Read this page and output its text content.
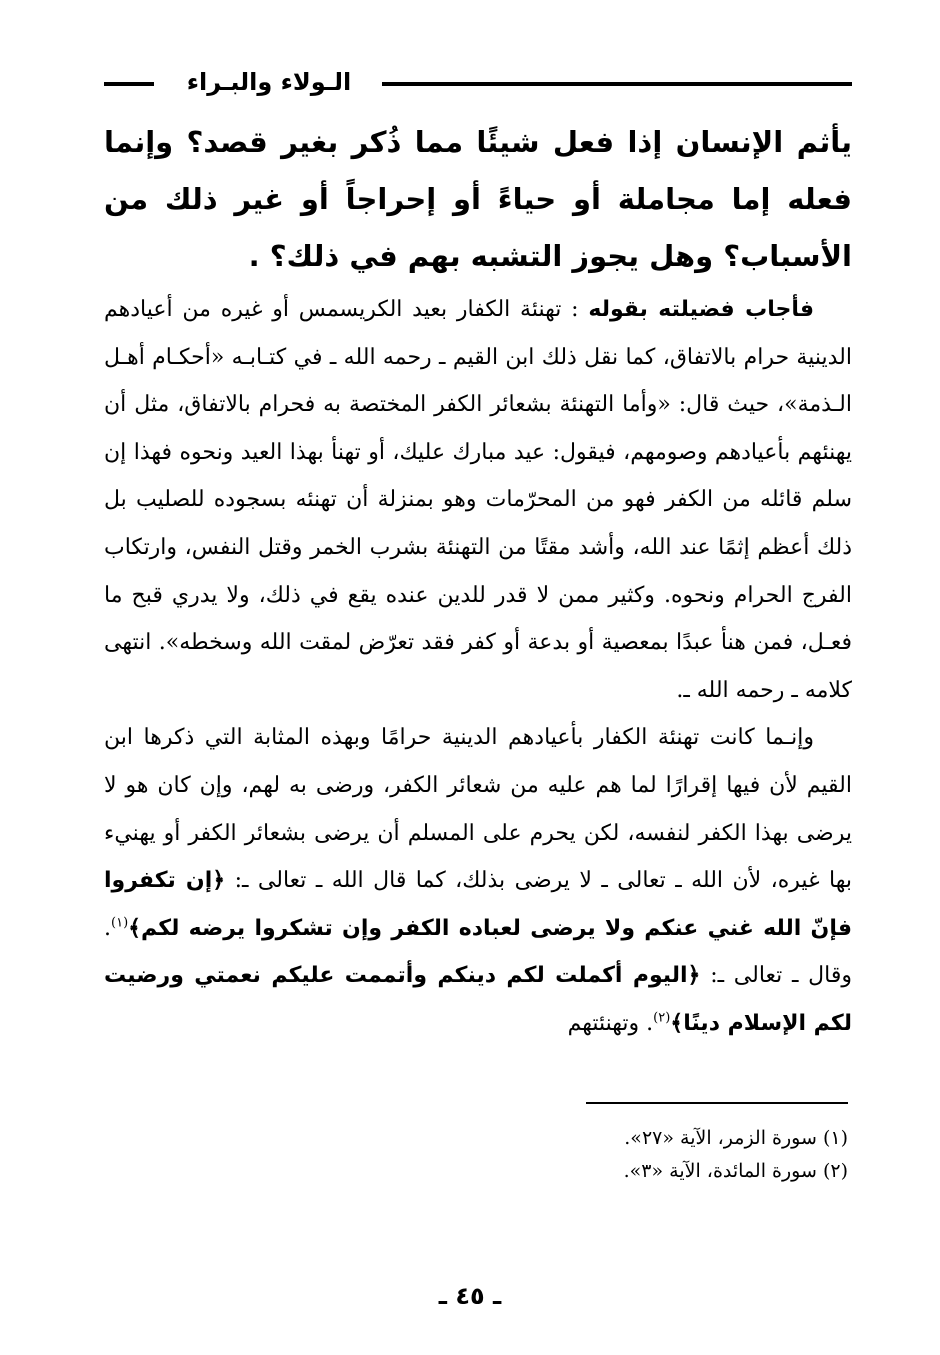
الـولاء والبـراء
يأثم الإنسان إذا فعل شيئًا مما ذُكر بغير قصد؟ وإنما فعله إما مجاملة أو حياءً أو إحراجاً أو غير ذلك من الأسباب؟ وهل يجوز التشبه بهم في ذلك؟ .

فأجاب فضيلته بقوله : تهنئة الكفار بعيد الكريسمس أو غيره من أعيادهم الدينية حرام بالاتفاق، كما نقل ذلك ابن القيم ـ رحمه الله ـ في كتـابـه «أحكـام أهـل الـذمة»، حيث قال: «وأما التهنئة بشعائر الكفر المختصة به فحرام بالاتفاق، مثل أن يهنئهم بأعيادهم وصومهم، فيقول: عيد مبارك عليك، أو تهنأ بهذا العيد ونحوه فهذا إن سلم قائله من الكفر فهو من المحرّمات وهو بمنزلة أن تهنئه بسجوده للصليب بل ذلك أعظم إثمًا عند الله، وأشد مقتًا من التهنئة بشرب الخمر وقتل النفس، وارتكاب الفرج الحرام ونحوه. وكثير ممن لا قدر للدين عنده يقع في ذلك، ولا يدري قبح ما فعـل، فمن هنأ عبدًا بمعصية أو بدعة أو كفر فقد تعرّض لمقت الله وسخطه». انتهى كلامه ـ رحمه الله ـ.

وإنـما كانت تهنئة الكفار بأعيادهم الدينية حرامًا وبهذه المثابة التي ذكرها ابن القيم لأن فيها إقرارًا لما هم عليه من شعائر الكفر، ورضى به لهم، وإن كان هو لا يرضى بهذا الكفر لنفسه، لكن يحرم على المسلم أن يرضى بشعائر الكفر أو يهنيء بها غيره، لأن الله ـ تعالى ـ لا يرضى بذلك، كما قال الله ـ تعالى ـ: ﴿إن تكفروا فإنّ الله غني عنكم ولا يرضى لعباده الكفر وإن تشكروا يرضه لكم﴾$^{(١)}$. وقال ـ تعالى ـ: ﴿اليوم أكملت لكم دينكم وأتممت عليكم نعمتي ورضيت لكم الإسلام دينًا﴾$^{(٢)}$. وتهنئتهم

(١) سورة الزمر، الآية «٢٧».
(٢) سورة المائدة، الآية «٣».
ـ ٤٥ ـ
